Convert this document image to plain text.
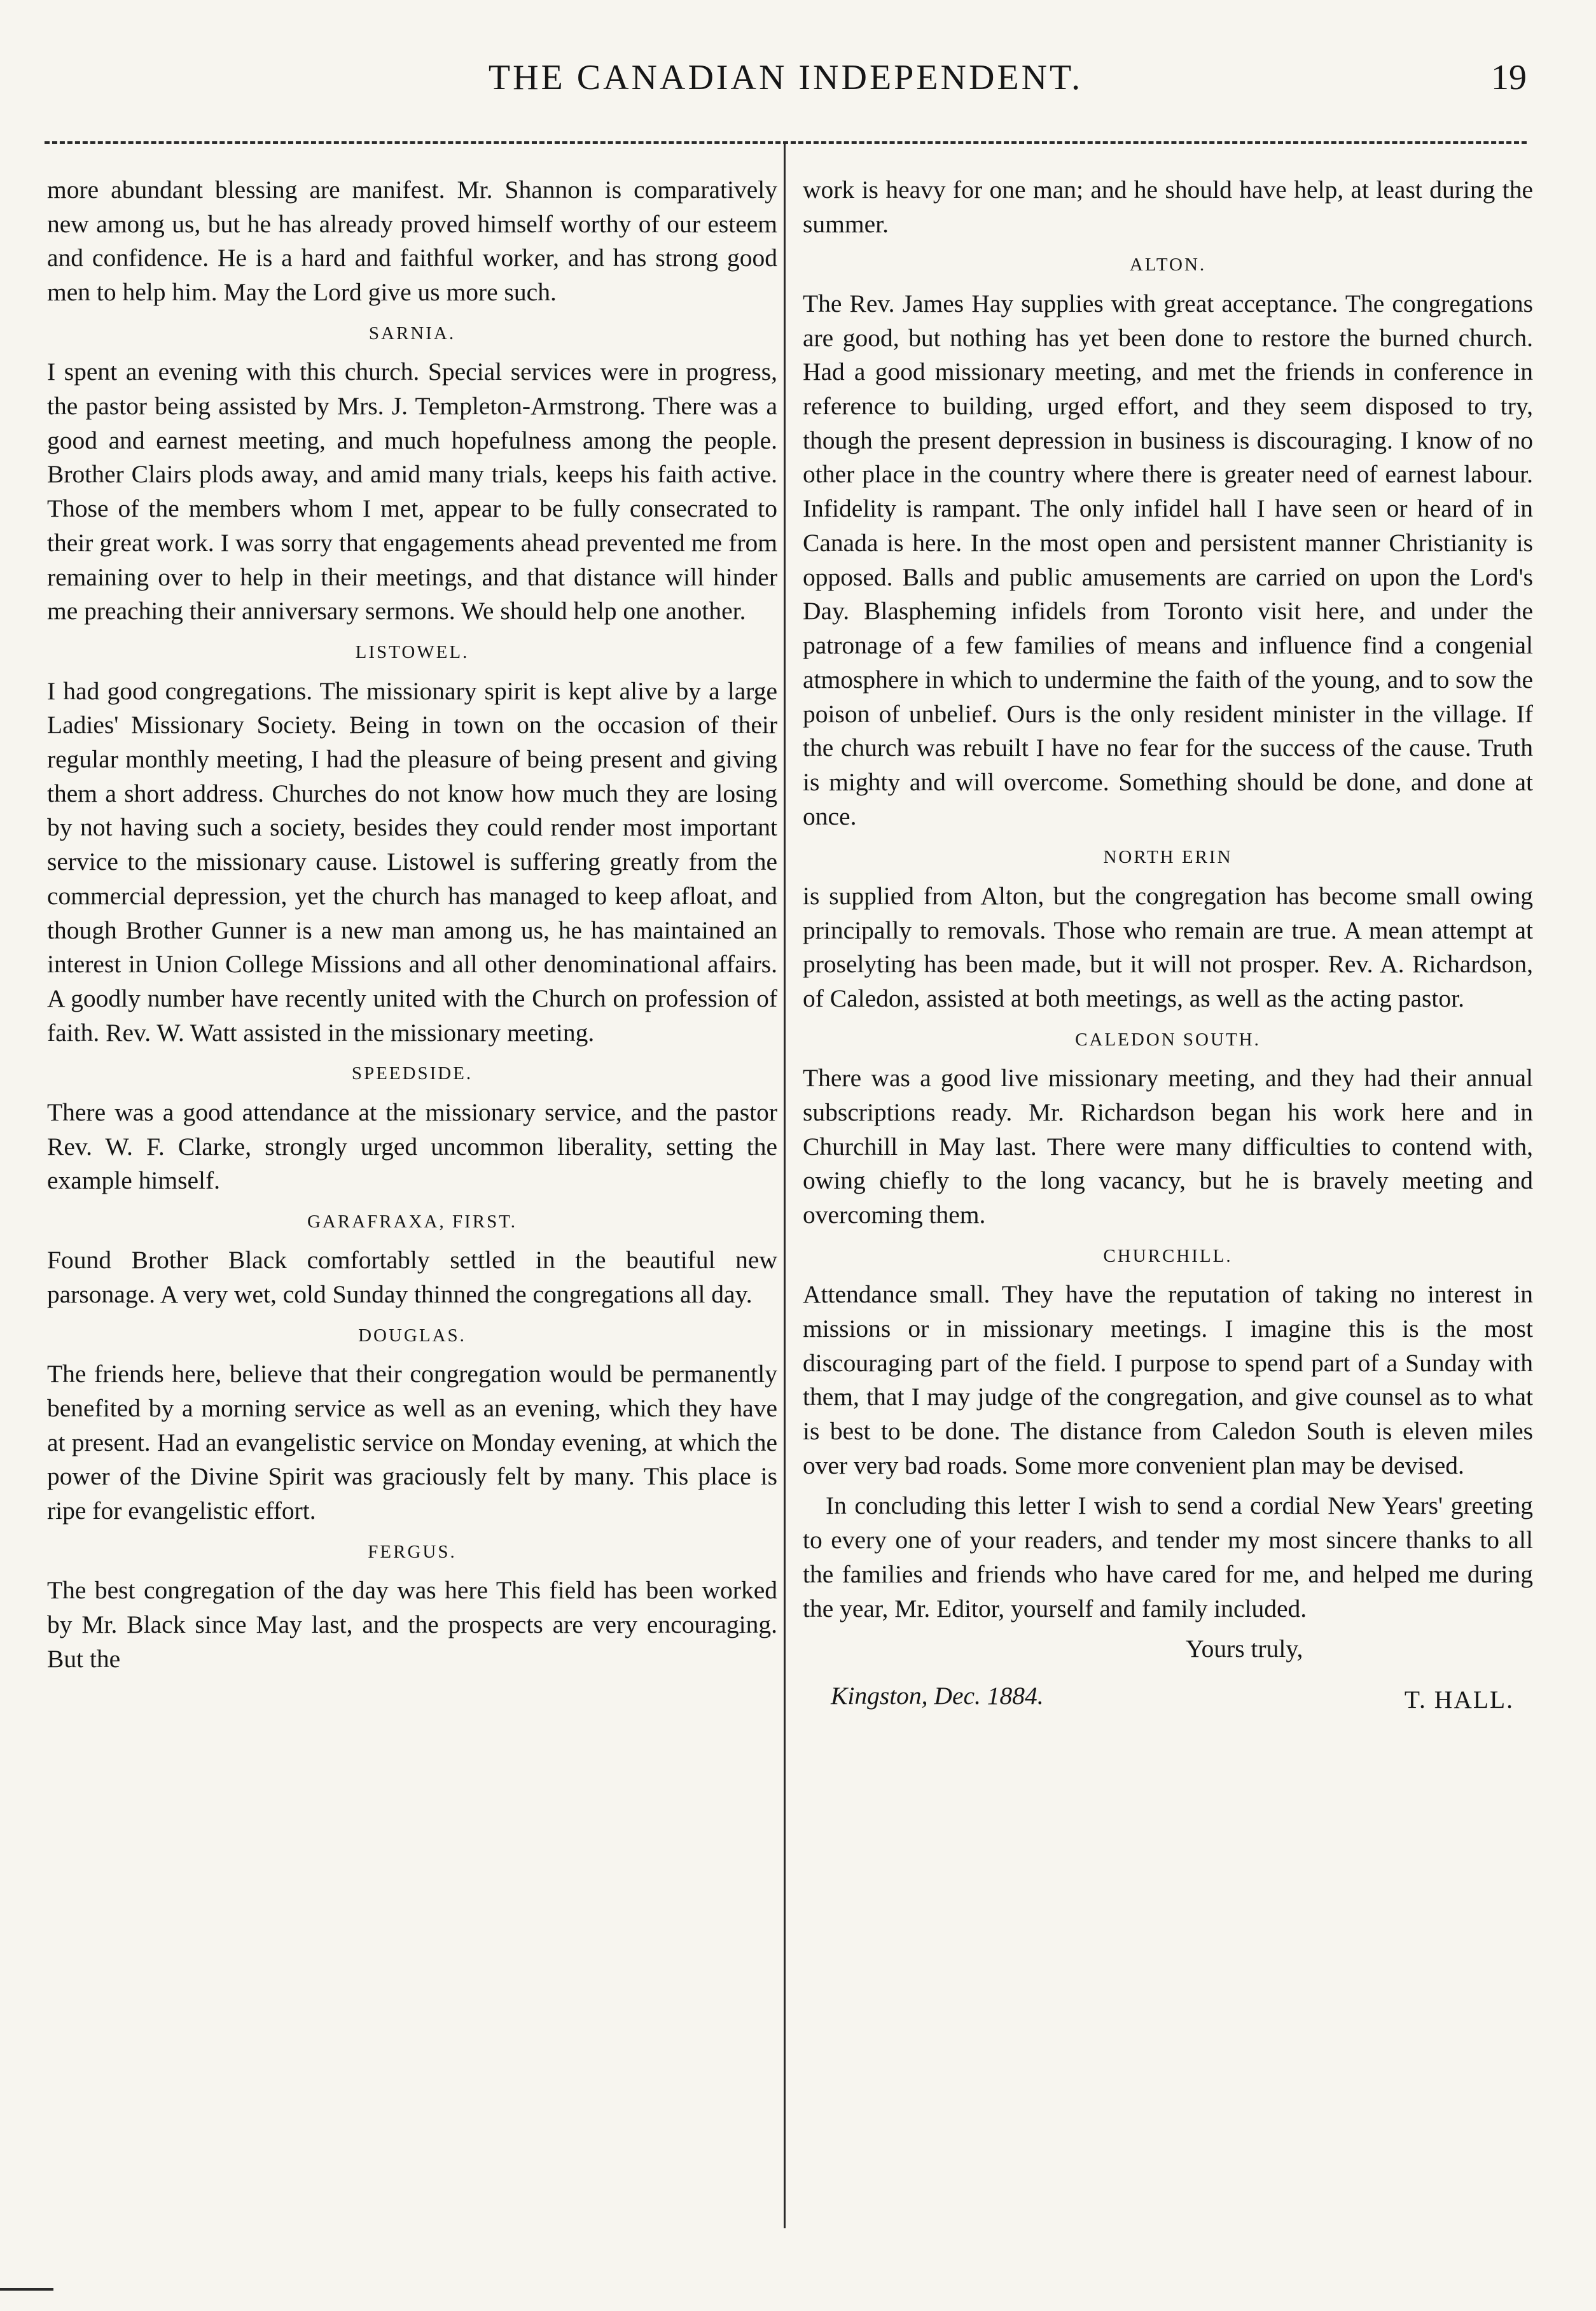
THE CANADIAN INDEPENDENT.	19

more abundant blessing are manifest. Mr. Shannon is comparatively new among us, but he has already proved himself worthy of our esteem and confidence. He is a hard and faithful worker, and has strong good men to help him. May the Lord give us more such.

SARNIA.

I spent an evening with this church. Special services were in progress, the pastor being assisted by Mrs. J. Templeton-Armstrong. There was a good and earnest meeting, and much hopefulness among the people. Brother Clairs plods away, and amid many trials, keeps his faith active. Those of the members whom I met, appear to be fully consecrated to their great work. I was sorry that engagements ahead prevented me from remaining over to help in their meetings, and that distance will hinder me preaching their anniversary sermons. We should help one another.

LISTOWEL.

I had good congregations. The missionary spirit is kept alive by a large Ladies' Missionary Society. Being in town on the occasion of their regular monthly meeting, I had the pleasure of being present and giving them a short address. Churches do not know how much they are losing by not having such a society, besides they could render most important service to the missionary cause. Listowel is suffering greatly from the commercial depression, yet the church has managed to keep afloat, and though Brother Gunner is a new man among us, he has maintained an interest in Union College Missions and all other denominational affairs. A goodly number have recently united with the Church on profession of faith. Rev. W. Watt assisted in the missionary meeting.

SPEEDSIDE.

There was a good attendance at the missionary service, and the pastor Rev. W. F. Clarke, strongly urged uncommon liberality, setting the example himself.

GARAFRAXA, FIRST.

Found Brother Black comfortably settled in the beautiful new parsonage. A very wet, cold Sunday thinned the congregations all day.

DOUGLAS.

The friends here, believe that their congregation would be permanently benefited by a morning service as well as an evening, which they have at present. Had an evangelistic service on Monday evening, at which the power of the Divine Spirit was graciously felt by many. This place is ripe for evangelistic effort.

FERGUS.

The best congregation of the day was here This field has been worked by Mr. Black since May last, and the prospects are very encouraging. But the

work is heavy for one man; and he should have help, at least during the summer.

ALTON.

The Rev. James Hay supplies with great acceptance. The congregations are good, but nothing has yet been done to restore the burned church. Had a good missionary meeting, and met the friends in conference in reference to building, urged effort, and they seem disposed to try, though the present depression in business is discouraging. I know of no other place in the country where there is greater need of earnest labour. Infidelity is rampant. The only infidel hall I have seen or heard of in Canada is here. In the most open and persistent manner Christianity is opposed. Balls and public amusements are carried on upon the Lord's Day. Blaspheming infidels from Toronto visit here, and under the patronage of a few families of means and influence find a congenial atmosphere in which to undermine the faith of the young, and to sow the poison of unbelief. Ours is the only resident minister in the village. If the church was rebuilt I have no fear for the success of the cause. Truth is mighty and will overcome. Something should be done, and done at once.

NORTH ERIN

is supplied from Alton, but the congregation has become small owing principally to removals. Those who remain are true. A mean attempt at proselyting has been made, but it will not prosper. Rev. A. Richardson, of Caledon, assisted at both meetings, as well as the acting pastor.

CALEDON SOUTH.

There was a good live missionary meeting, and they had their annual subscriptions ready. Mr. Richardson began his work here and in Churchill in May last. There were many difficulties to contend with, owing chiefly to the long vacancy, but he is bravely meeting and overcoming them.

CHURCHILL.

Attendance small. They have the reputation of taking no interest in missions or in missionary meetings. I imagine this is the most discouraging part of the field. I purpose to spend part of a Sunday with them, that I may judge of the congregation, and give counsel as to what is best to be done. The distance from Caledon South is eleven miles over very bad roads. Some more convenient plan may be devised.

In concluding this letter I wish to send a cordial New Years' greeting to every one of your readers, and tender my most sincere thanks to all the families and friends who have cared for me, and helped me during the year, Mr. Editor, yourself and family included.

Yours truly,
Kingston, Dec. 1884.	T. HALL.
